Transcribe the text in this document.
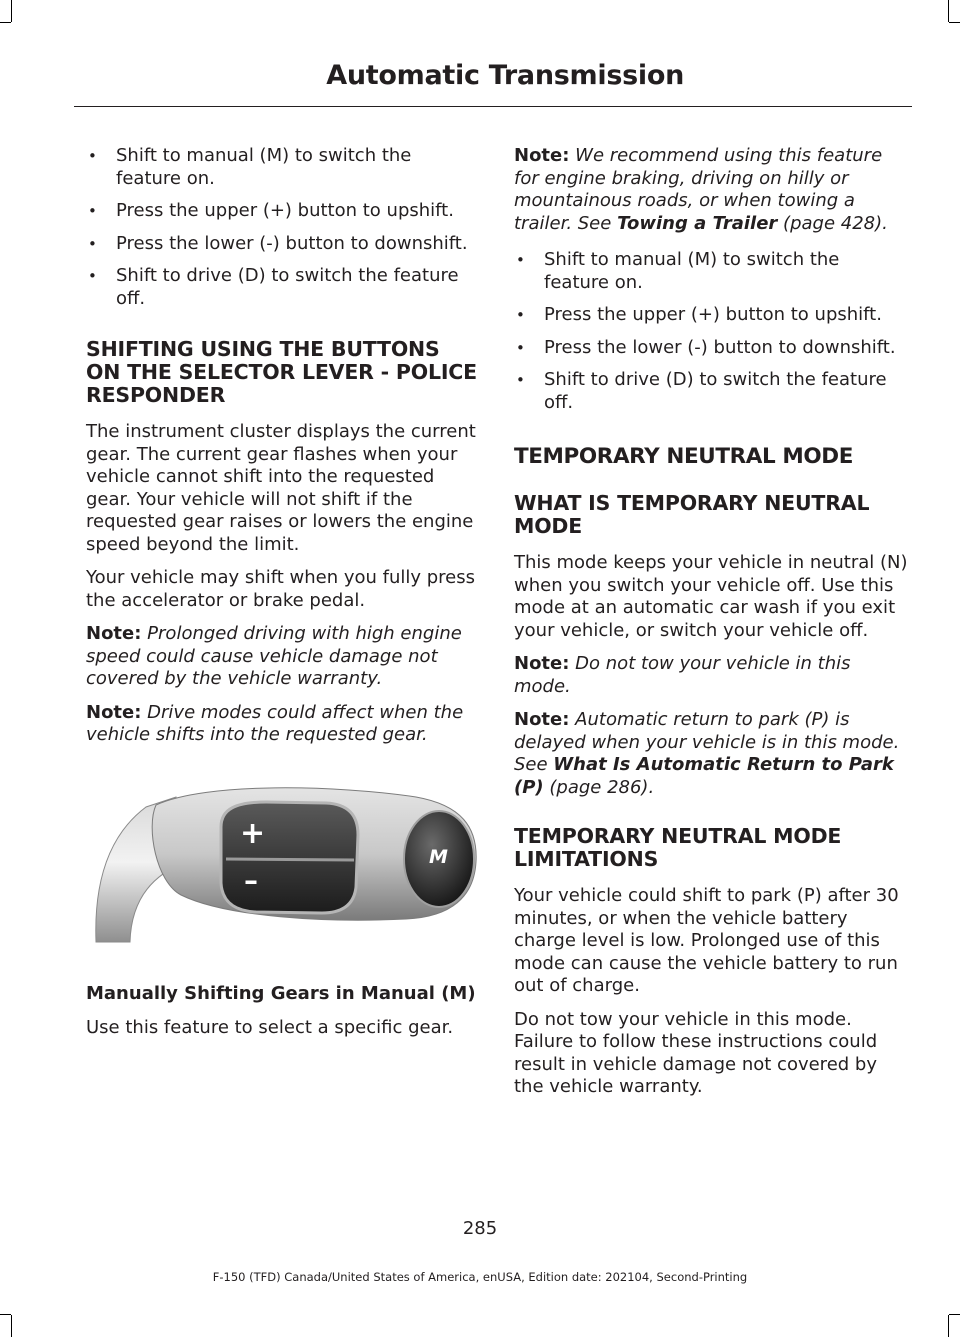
Automatic Transmission
• Shift to manual (M) to switch the feature on.
• Press the upper (+) button to upshift.
• Press the lower (-) button to downshift.
• Shift to drive (D) to switch the feature off.
SHIFTING USING THE BUTTONS ON THE SELECTOR LEVER - POLICE RESPONDER

The instrument cluster displays the current gear. The current gear flashes when your vehicle cannot shift into the requested gear. Your vehicle will not shift if the requested gear raises or lowers the engine speed beyond the limit.

Your vehicle may shift when you fully press the accelerator or brake pedal.

Note: Prolonged driving with high engine speed could cause vehicle damage not covered by the vehicle warranty.

Note: Drive modes could affect when the vehicle shifts into the requested gear.

+
–
M

Manually Shifting Gears in Manual (M)

Use this feature to select a specific gear.

Note: We recommend using this feature for engine braking, driving on hilly or mountainous roads, or when towing a trailer. See Towing a Trailer (page 428).

• Shift to manual (M) to switch the feature on.
• Press the upper (+) button to upshift.
• Press the lower (-) button to downshift.
• Shift to drive (D) to switch the feature off.
TEMPORARY NEUTRAL MODE
WHAT IS TEMPORARY NEUTRAL MODE

This mode keeps your vehicle in neutral (N) when you switch your vehicle off. Use this mode at an automatic car wash if you exit your vehicle, or switch your vehicle off.

Note: Do not tow your vehicle in this mode.

Note: Automatic return to park (P) is delayed when your vehicle is in this mode. See What Is Automatic Return to Park (P) (page 286).

TEMPORARY NEUTRAL MODE LIMITATIONS

Your vehicle could shift to park (P) after 30 minutes, or when the vehicle battery charge level is low. Prolonged use of this mode can cause the vehicle battery to run out of charge.

Do not tow your vehicle in this mode. Failure to follow these instructions could result in vehicle damage not covered by the vehicle warranty.

285
F-150 (TFD) Canada/United States of America, enUSA, Edition date: 202104, Second-Printing
